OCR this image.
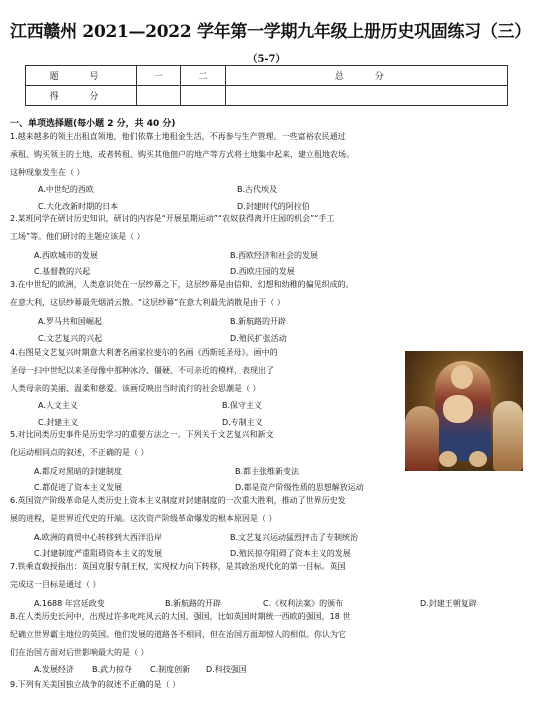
江西赣州 2021—2022 学年第一学期九年级上册历史巩固练习（三）
（5-7）
题 号	一	二	总 分
得 分			
一、单项选择题(每小题 2 分，共 40 分)
1.越来越多的领主出租直领地，他们依靠土地租金生活，不再参与生产管理。一些富裕农民通过
承租、购买领主的土地，或者转租、购买其他佃户的地产等方式将土地集中起来，建立租地农场。
这种现象发生在（ ）
A.中世纪的西欧	B.古代埃及
C.大化改新时期的日本	D.封建时代的阿拉伯
2.某班同学在研讨历史知识，研讨的内容是“开展星期运动”“农奴获得离开庄园的机会”“手工
工场”等。他们研讨的主题应该是（ ）
A.西欧城市的发展	B.西欧经济和社会的发展
C.基督教的兴起	D.西欧庄园的发展
3.在中世纪的欧洲，人类意识处在一层纱幕之下，这层纱幕是由信仰、幻想和幼稚的偏见织成的。
在意大利，这层纱幕最先烟消云散。“这层纱幕”在意大利最先消散是由于（ ）
A.罗马共和国崛起	B.新航路的开辟
C.文艺复兴的兴起	D.殖民扩张活动
4.右图是文艺复兴时期意大利著名画家拉斐尔的名画《西斯廷圣母》。画中的
圣母一扫中世纪以来圣母像中那种冰冷、僵硬、不可亲近的模样，表现出了
人类母亲的美丽、温柔和慈爱。该画反映出当时流行的社会思潮是（ ）
A.人文主义	B.保守主义
C.封建主义	D.专制主义
5.对比同类历史事件是历史学习的重要方法之一。下列关于文艺复兴和新文
化运动相同点的叙述，不正确的是（ ）
A.都反对黑暗的封建制度	B.都主张维新变法
C.都促进了资本主义发展	D.都是资产阶级性质的思想解放运动
6.英国资产阶级革命是人类历史上资本主义制度对封建制度的一次重大胜利，推动了世界历史发
展的进程，是世界近代史的开端。这次资产阶级革命爆发的根本原因是（ ）
A.欧洲的商贸中心转移到大西洋沿岸	B.文艺复兴运动猛烈抨击了专制统治
C.封建制度严重阻碍资本主义的发展	D.殖民掠夺阻碍了资本主义的发展
7.铁乘直载授指出：英国克服专制王权，实现权力向下转移，是其政治现代化的第一目标。英国
完成这一目标是通过（ ）
A.1688 年宫廷政变	B.新航路的开辟	C.《权利法案》的颁布	D.封建王朝复辟
8.在人类历史长河中，出现过许多叱咤风云的大国、强国，比如英国时期统一西欧的强国，18 世
纪确立世界霸主地位的英国。他们发展的道路各不相同，但在治国方面却惊人的相似。你认为它
们在治国方面对后世影响最大的是（ ）
A.发展经济 B.武力掠夺 C.制度创新 D.科技强国
9.下列有关美国独立战争的叙述不正确的是（ ）
